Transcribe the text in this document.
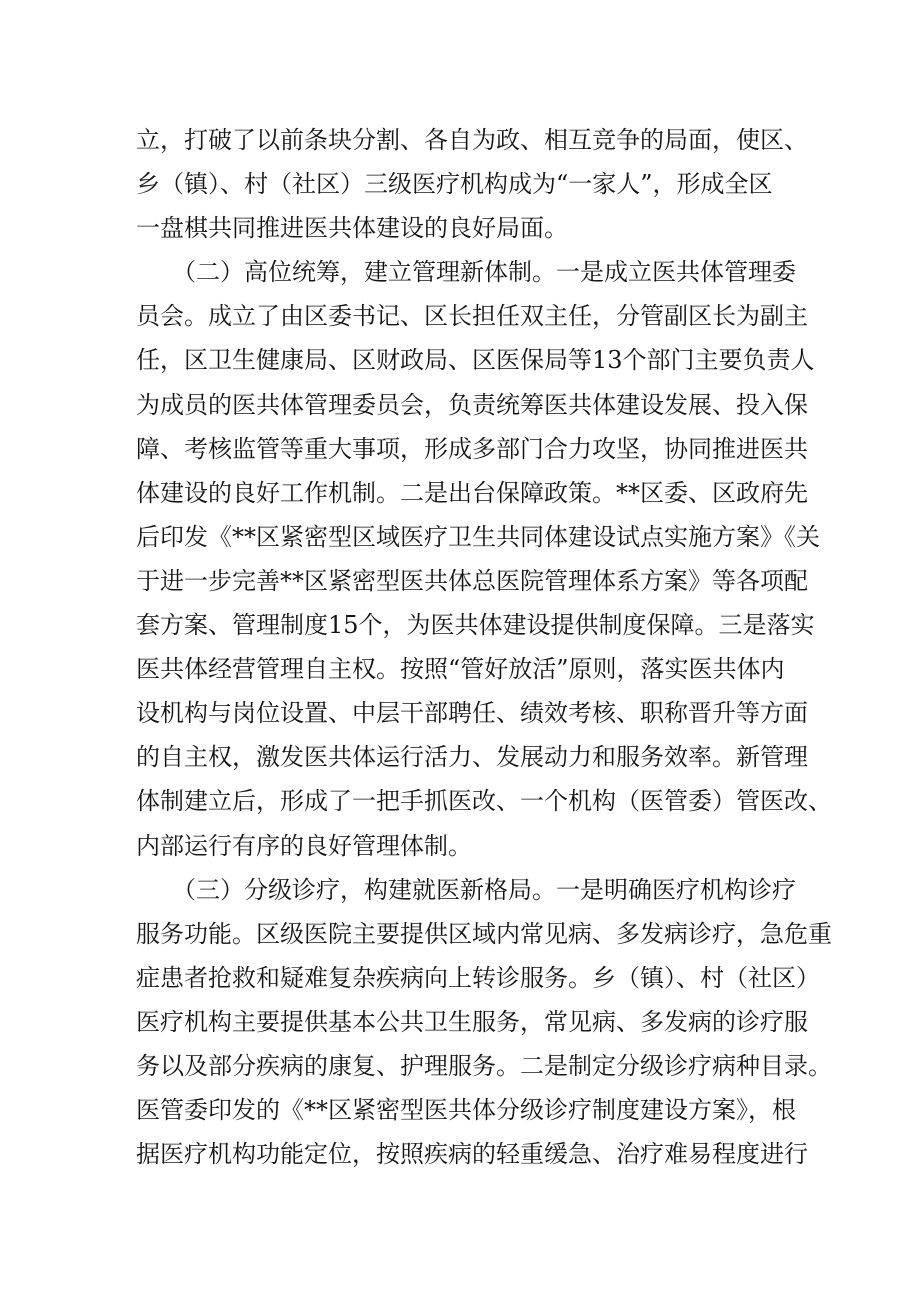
立，打破了以前条块分割、各自为政、相互竞争的局面，使区、
乡（镇）、村（社区）三级医疗机构成为“一家人”，形成全区
一盘棋共同推进医共体建设的良好局面。
　　（二）高位统筹，建立管理新体制。一是成立医共体管理委
员会。成立了由区委书记、区长担任双主任，分管副区长为副主
任，区卫生健康局、区财政局、区医保局等13个部门主要负责人
为成员的医共体管理委员会，负责统筹医共体建设发展、投入保
障、考核监管等重大事项，形成多部门合力攻坚，协同推进医共
体建设的良好工作机制。二是出台保障政策。**区委、区政府先
后印发《**区紧密型区域医疗卫生共同体建设试点实施方案》《关
于进一步完善**区紧密型医共体总医院管理体系方案》等各项配
套方案、管理制度15个，为医共体建设提供制度保障。三是落实
医共体经营管理自主权。按照“管好放活”原则，落实医共体内
设机构与岗位设置、中层干部聘任、绩效考核、职称晋升等方面
的自主权，激发医共体运行活力、发展动力和服务效率。新管理
体制建立后，形成了一把手抓医改、一个机构（医管委）管医改、
内部运行有序的良好管理体制。
　　（三）分级诊疗，构建就医新格局。一是明确医疗机构诊疗
服务功能。区级医院主要提供区域内常见病、多发病诊疗，急危重
症患者抢救和疑难复杂疾病向上转诊服务。乡（镇）、村（社区）
医疗机构主要提供基本公共卫生服务，常见病、多发病的诊疗服
务以及部分疾病的康复、护理服务。二是制定分级诊疗病种目录。
医管委印发的《**区紧密型医共体分级诊疗制度建设方案》，根
据医疗机构功能定位，按照疾病的轻重缓急、治疗难易程度进行
